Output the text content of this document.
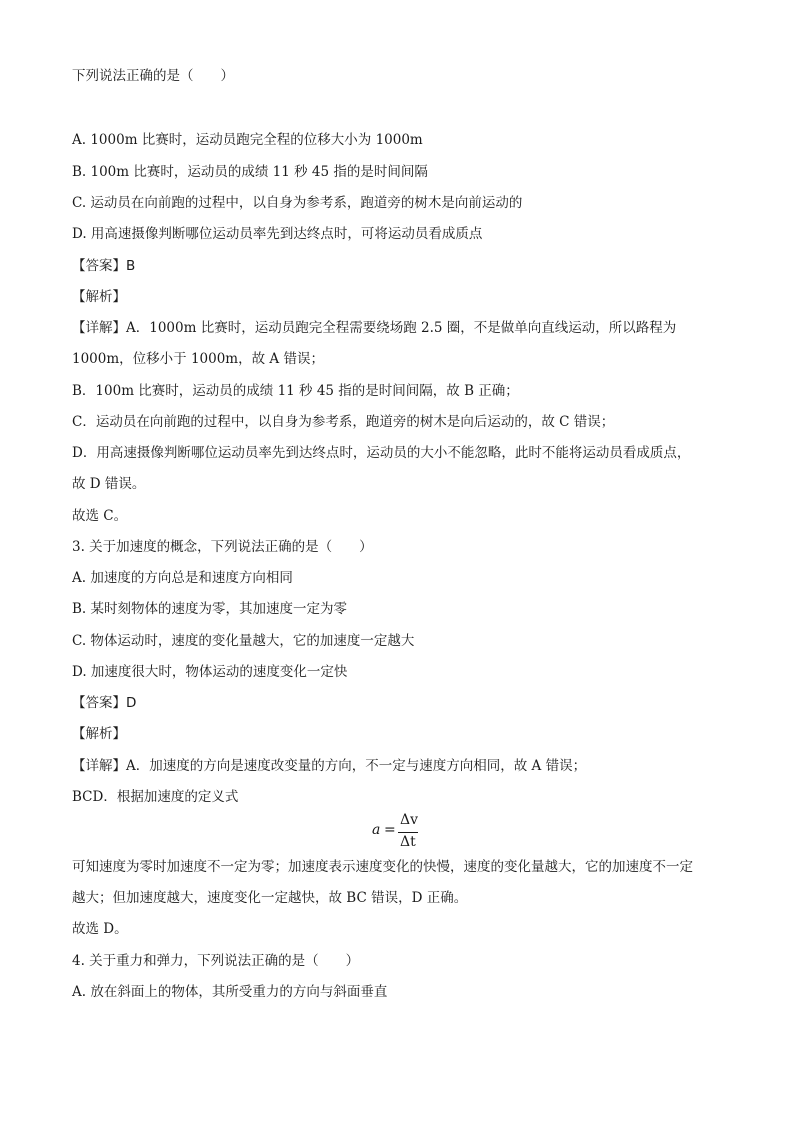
下列说法正确的是（　　）
A. 1000m 比赛时，运动员跑完全程的位移大小为 1000m
B. 100m 比赛时，运动员的成绩 11 秒 45 指的是时间间隔
C. 运动员在向前跑的过程中，以自身为参考系，跑道旁的树木是向前运动的
D. 用高速摄像判断哪位运动员率先到达终点时，可将运动员看成质点
【答案】B
【解析】
【详解】A．1000m 比赛时，运动员跑完全程需要绕场跑 2.5 圈，不是做单向直线运动，所以路程为
1000m，位移小于 1000m，故 A 错误；
B．100m 比赛时，运动员的成绩 11 秒 45 指的是时间间隔，故 B 正确；
C．运动员在向前跑的过程中，以自身为参考系，跑道旁的树木是向后运动的，故 C 错误；
D．用高速摄像判断哪位运动员率先到达终点时，运动员的大小不能忽略，此时不能将运动员看成质点，
故 D 错误。
故选 C。
3. 关于加速度的概念，下列说法正确的是（　　）
A. 加速度的方向总是和速度方向相同
B. 某时刻物体的速度为零，其加速度一定为零
C. 物体运动时，速度的变化量越大，它的加速度一定越大
D. 加速度很大时，物体运动的速度变化一定快
【答案】D
【解析】
【详解】A．加速度的方向是速度改变量的方向，不一定与速度方向相同，故 A 错误；
BCD．根据加速度的定义式
a =
Δv
Δt
可知速度为零时加速度不一定为零；加速度表示速度变化的快慢，速度的变化量越大，它的加速度不一定
越大；但加速度越大，速度变化一定越快，故 BC 错误，D 正确。
故选 D。
4. 关于重力和弹力，下列说法正确的是（　　）
A. 放在斜面上的物体，其所受重力的方向与斜面垂直
